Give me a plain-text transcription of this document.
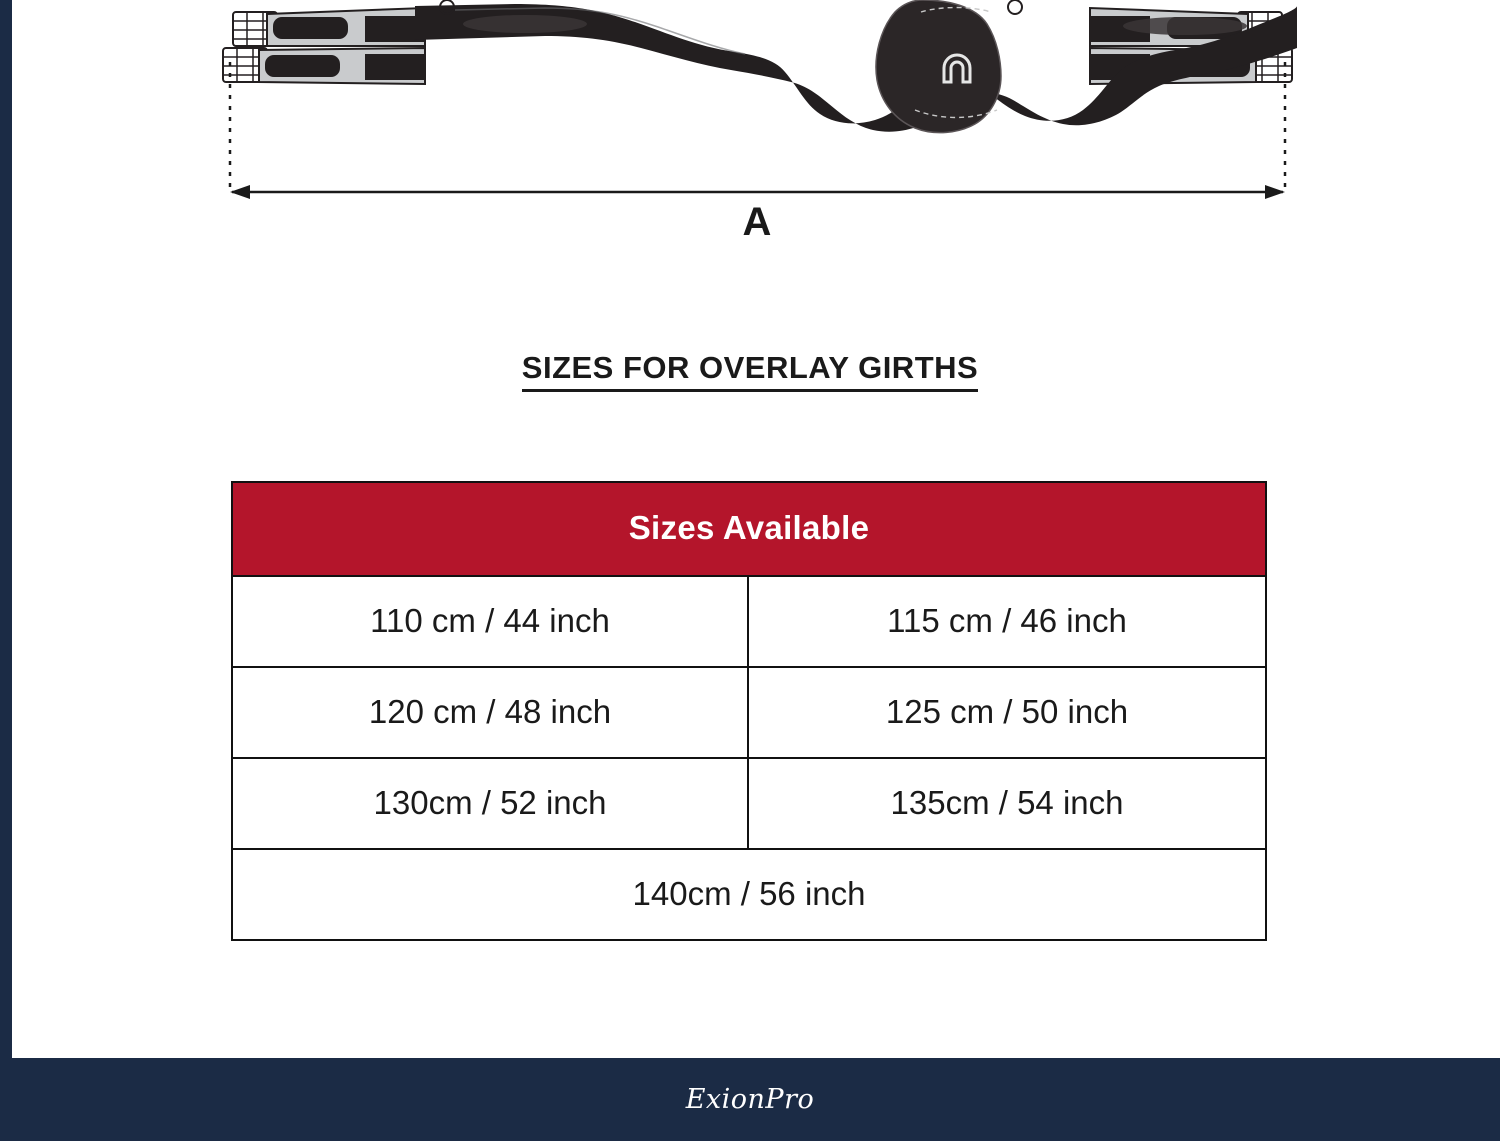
A
SIZES FOR OVERLAY GIRTHS
Sizes Available
110 cm / 44 inch	115 cm / 46 inch
120 cm / 48 inch	125 cm / 50 inch
130cm / 52 inch	135cm / 54 inch
140cm / 56 inch
ExionPro
